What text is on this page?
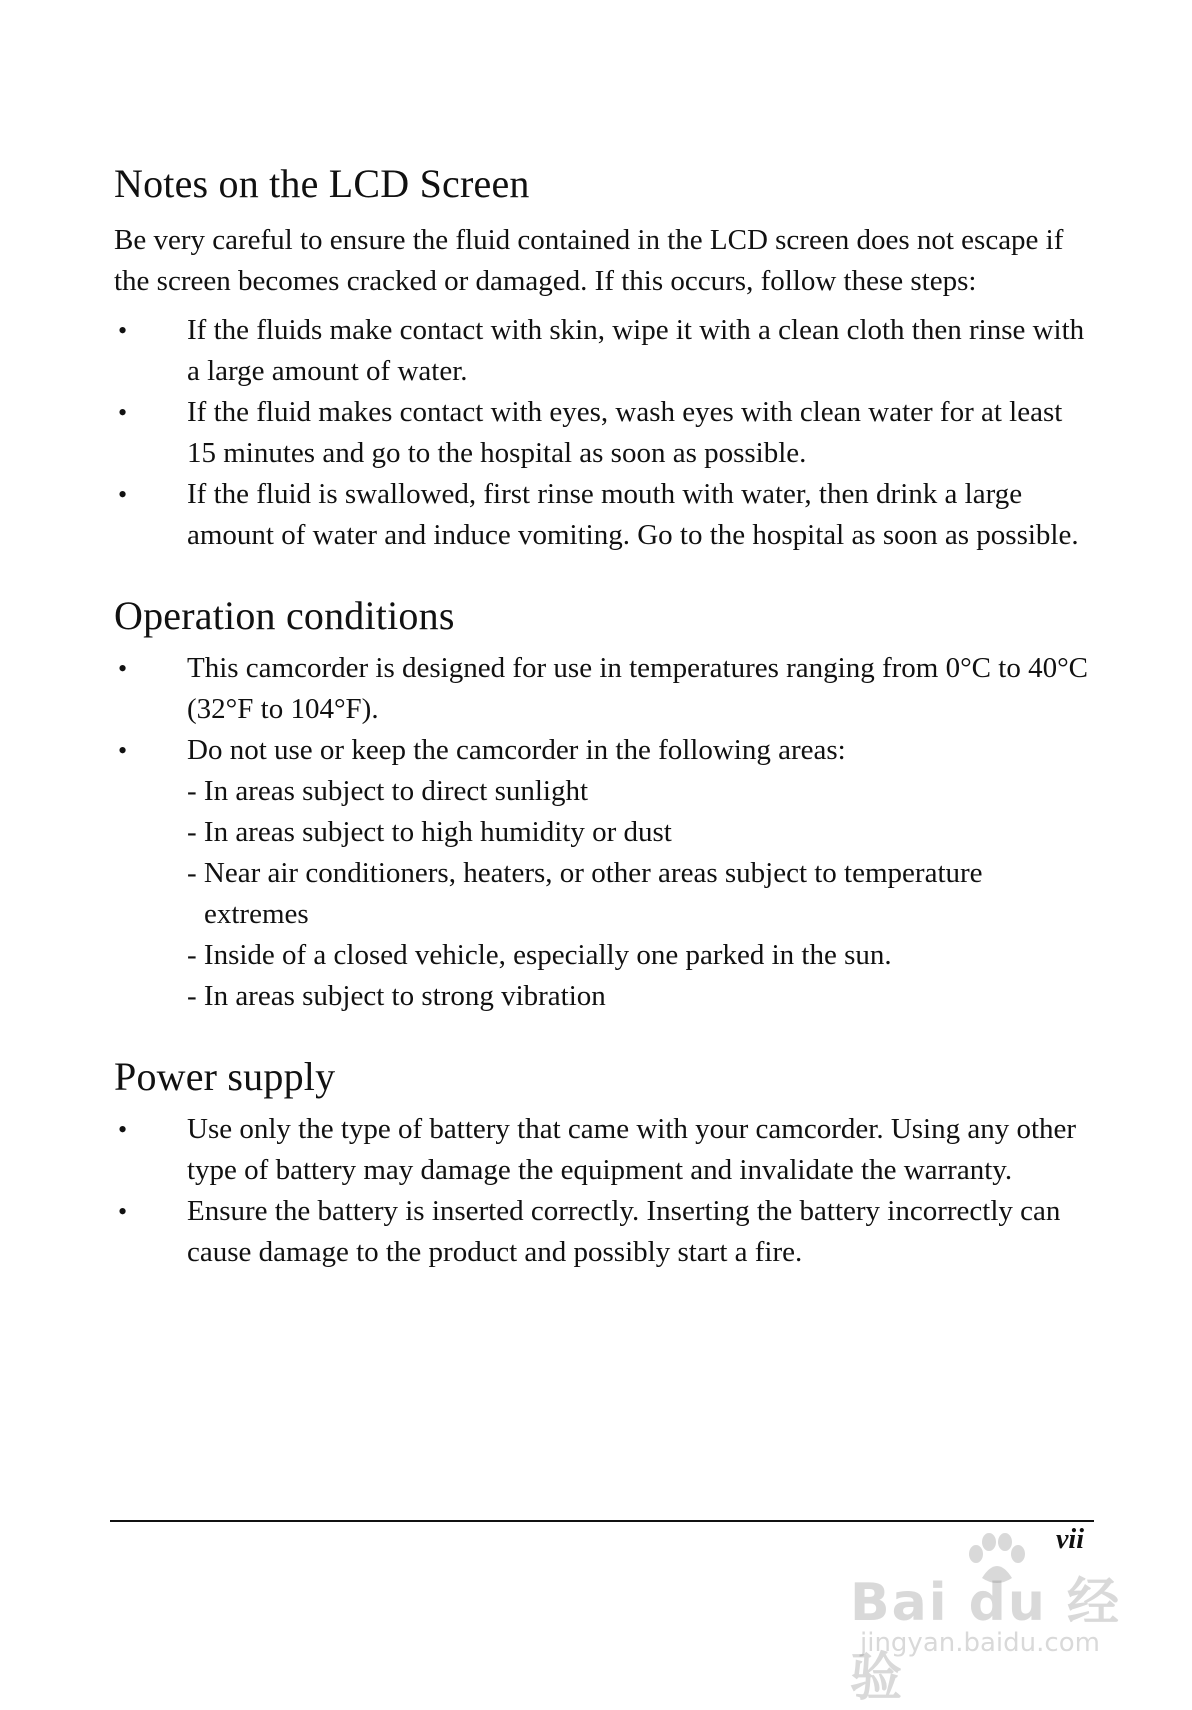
Notes on the LCD Screen

Be very careful to ensure the fluid contained in the LCD screen does not escape if the screen becomes cracked or damaged. If this occurs, follow these steps:

• If the fluids make contact with skin, wipe it with a clean cloth then rinse with a large amount of water.
• If the fluid makes contact with eyes, wash eyes with clean water for at least 15 minutes and go to the hospital as soon as possible.
• If the fluid is swallowed, first rinse mouth with water, then drink a large amount of water and induce vomiting. Go to the hospital as soon as possible.
Operation conditions
• This camcorder is designed for use in temperatures ranging from 0°C to 40°C (32°F to 104°F).
• Do not use or keep the camcorder in the following areas:
- In areas subject to direct sunlight
- In areas subject to high humidity or dust
- Near air conditioners, heaters, or other areas subject to temperature extremes
- Inside of a closed vehicle, especially one parked in the sun.
- In areas subject to strong vibration
Power supply
• Use only the type of battery that came with your camcorder. Using any other type of battery may damage the equipment and invalidate the warranty.
• Ensure the battery is inserted correctly. Inserting the battery incorrectly can cause damage to the product and possibly start a fire.
vii
Bai du 经验
jingyan.baidu.com
